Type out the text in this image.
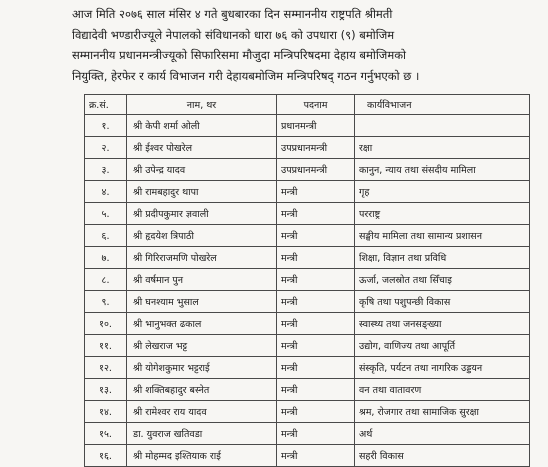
आज मिति २०७६ साल मंसिर ४ गते बुधबारका दिन सम्माननीय राष्ट्रपति श्रीमती
विद्यादेवी भण्डारीज्यूले नेपालको संविधानको धारा ७६ को उपधारा (९) बमोजिम
सम्माननीय प्रधानमन्त्रीज्यूको सिफारिसमा मौजुदा मन्त्रिपरिषदमा देहाय बमोजिमको
नियुक्ति, हेरफेर र कार्य विभाजन गरी देहायबमोजिम मन्त्रिपरिषद् गठन गर्नुभएको छ ।
क्र.सं.	नाम, थर	पदनाम	कार्यविभाजन
१.	श्री केपी शर्मा ओली	प्रधानमन्त्री	
२.	श्री ईश्वर पोखरेल	उपप्रधानमन्त्री	रक्षा
३.	श्री उपेन्द्र यादव	उपप्रधानमन्त्री	कानुन, न्याय तथा संसदीय मामिला
४.	श्री रामबहादुर थापा	मन्त्री	गृह
५.	श्री प्रदीपकुमार ज्ञवाली	मन्त्री	परराष्ट्र
६.	श्री हृदयेश त्रिपाठी	मन्त्री	सङ्घीय मामिला तथा सामान्य प्रशासन
७.	श्री गिरिराजमणि पोखरेल	मन्त्री	शिक्षा, विज्ञान तथा प्रविधि
८.	श्री वर्षमान पुन	मन्त्री	ऊर्जा, जलस्रोत तथा सिँचाइ
९.	श्री घनश्याम भुसाल	मन्त्री	कृषि तथा पशुपन्छी विकास
१०.	श्री भानुभक्त ढकाल	मन्त्री	स्वास्थ्य तथा जनसङ्ख्या
११.	श्री लेखराज भट्ट	मन्त्री	उद्योग, वाणिज्य तथा आपूर्ति
१२.	श्री योगेशकुमार भट्टराई	मन्त्री	संस्कृति, पर्यटन तथा नागरिक उड्डयन
१३.	श्री शक्तिबहादुर बस्नेत	मन्त्री	वन तथा वातावरण
१४.	श्री रामेश्वर राय यादव	मन्त्री	श्रम, रोजगार तथा सामाजिक सुरक्षा
१५.	डा. युवराज खतिवडा	मन्त्री	अर्थ
१६.	श्री मोहम्मद इश्तियाक राई	मन्त्री	सहरी विकास
